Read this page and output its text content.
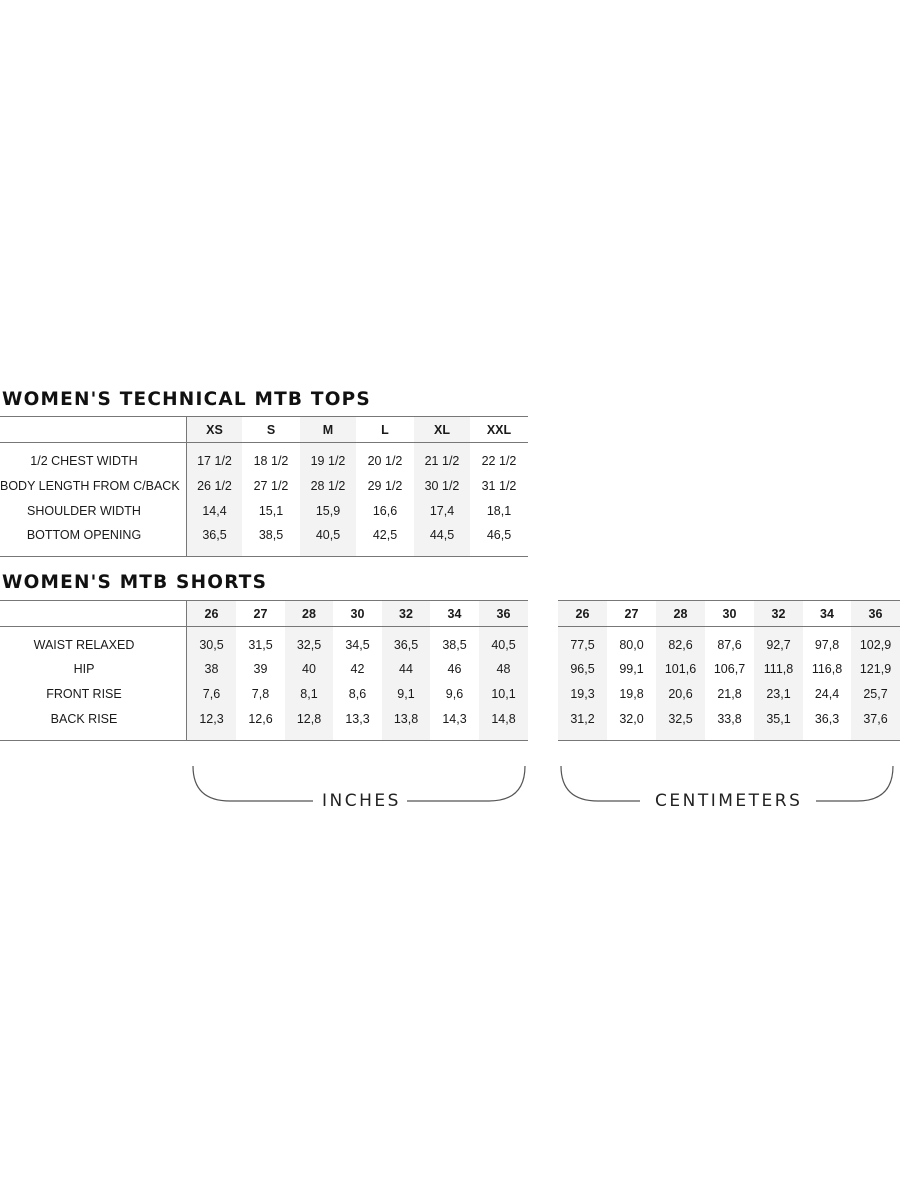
WOMEN'S TECHNICAL MTB TOPS
XS	S	M	L	XL	XXL
1/2 CHEST WIDTH	17 1/2	18 1/2	19 1/2	20 1/2	21 1/2	22 1/2
BODY LENGTH FROM C/BACK	26 1/2	27 1/2	28 1/2	29 1/2	30 1/2	31 1/2
SHOULDER WIDTH	14,4	15,1	15,9	16,6	17,4	18,1
BOTTOM OPENING	36,5	38,5	40,5	42,5	44,5	46,5
WOMEN'S MTB SHORTS
26	27	28	30	32	34	36
WAIST RELAXED	30,5	31,5	32,5	34,5	36,5	38,5	40,5
HIP	38	39	40	42	44	46	48
FRONT RISE	7,6	7,8	8,1	8,6	9,1	9,6	10,1
BACK RISE	12,3	12,6	12,8	13,3	13,8	14,3	14,8
26	27	28	30	32	34	36
77,5	80,0	82,6	87,6	92,7	97,8	102,9
96,5	99,1	101,6	106,7	111,8	116,8	121,9
19,3	19,8	20,6	21,8	23,1	24,4	25,7
31,2	32,0	32,5	33,8	35,1	36,3	37,6
INCHES	CENTIMETERS
